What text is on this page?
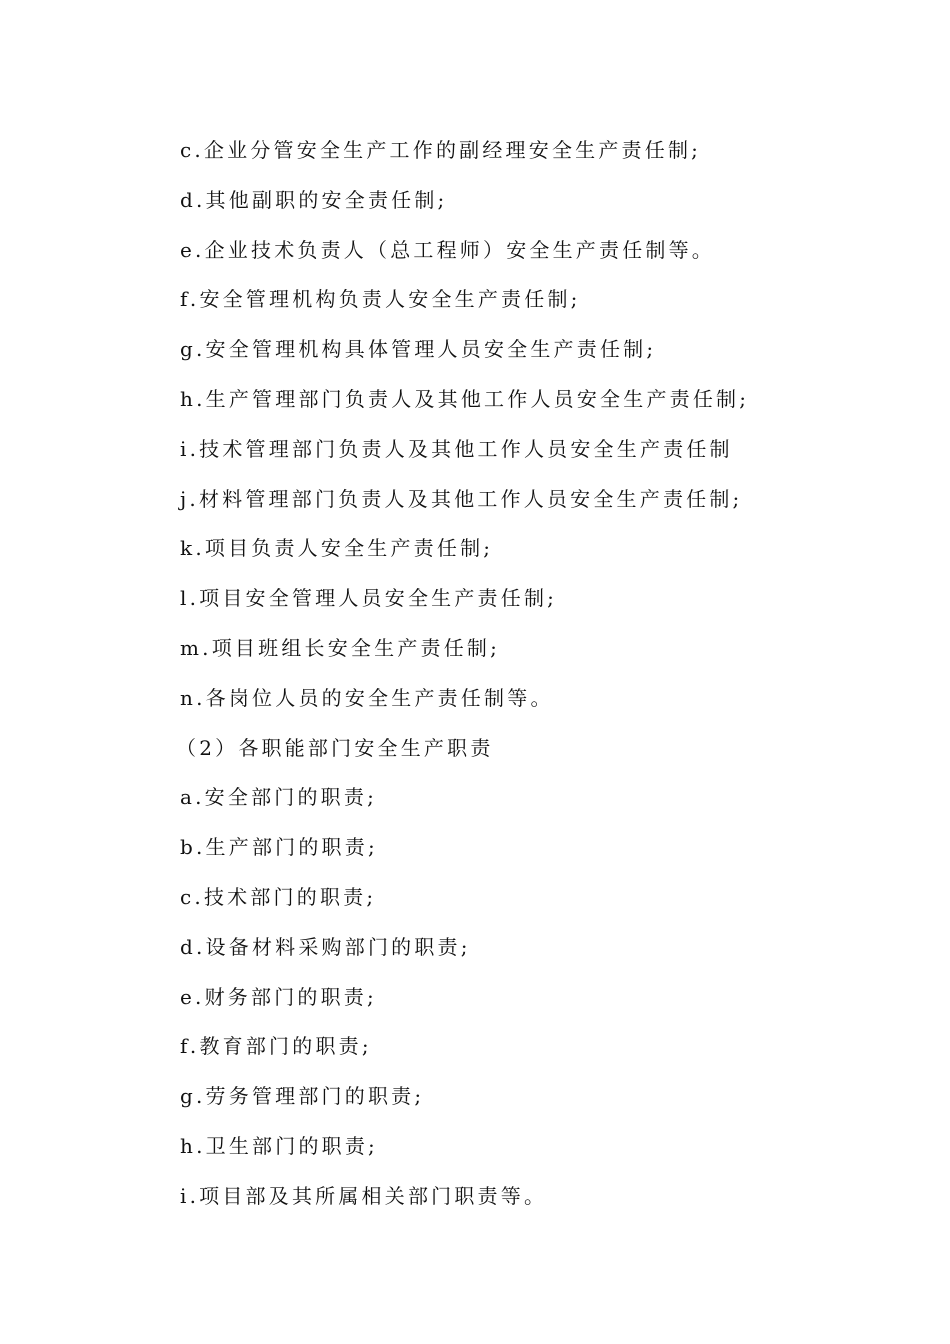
c.企业分管安全生产工作的副经理安全生产责任制;
d.其他副职的安全责任制;
e.企业技术负责人（总工程师）安全生产责任制等。
f.安全管理机构负责人安全生产责任制;
g.安全管理机构具体管理人员安全生产责任制;
h.生产管理部门负责人及其他工作人员安全生产责任制;
i.技术管理部门负责人及其他工作人员安全生产责任制
j.材料管理部门负责人及其他工作人员安全生产责任制;
k.项目负责人安全生产责任制;
l.项目安全管理人员安全生产责任制;
m.项目班组长安全生产责任制;
n.各岗位人员的安全生产责任制等。
（2）各职能部门安全生产职责
a.安全部门的职责;
b.生产部门的职责;
c.技术部门的职责;
d.设备材料采购部门的职责;
e.财务部门的职责;
f.教育部门的职责;
g.劳务管理部门的职责;
h.卫生部门的职责;
i.项目部及其所属相关部门职责等。
